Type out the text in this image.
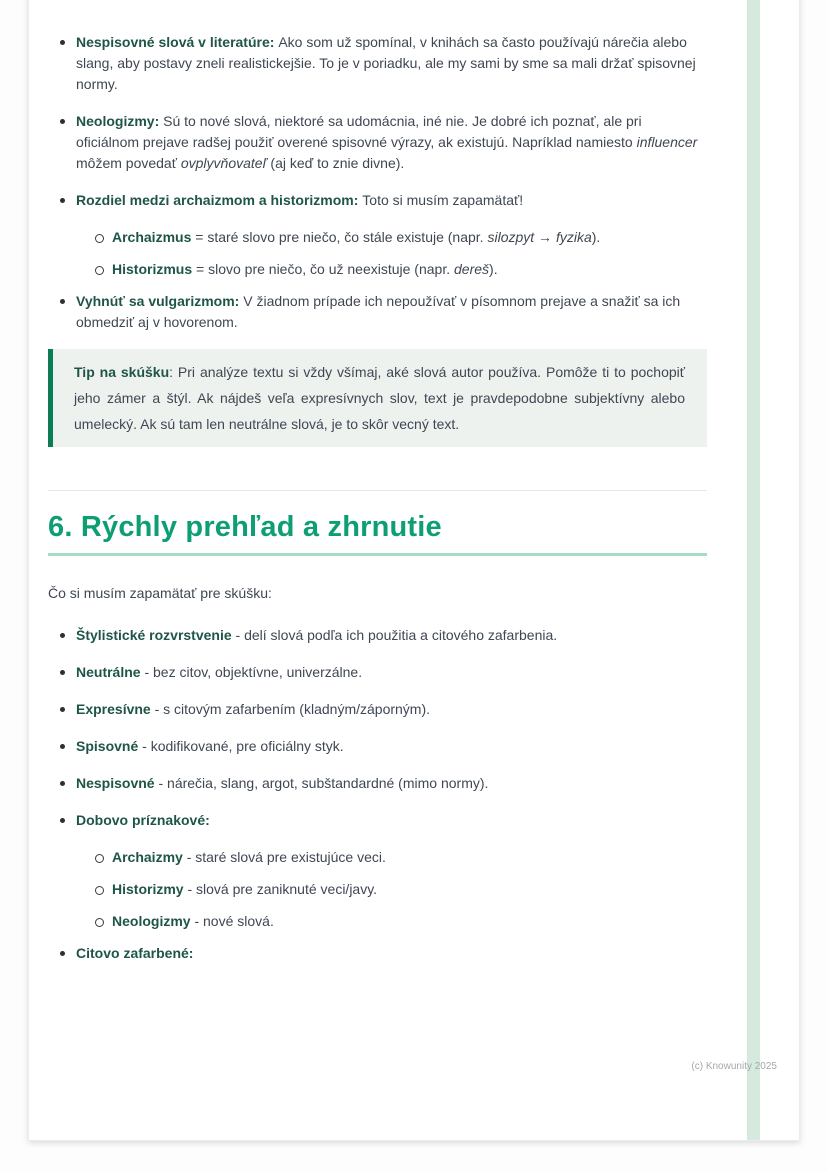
Nespisovné slová v literatúre: Ako som už spomínal, v knihách sa často používajú nárečia alebo slang, aby postavy zneli realistickejšie. To je v poriadku, ale my sami by sme sa mali držať spisovnej normy.
Neologizmy: Sú to nové slová, niektoré sa udomácnia, iné nie. Je dobré ich poznať, ale pri oficiálnom prejave radšej použiť overené spisovné výrazy, ak existujú. Napríklad namiesto influencer môžem povedať ovplyvňovateľ (aj keď to znie divne).
Rozdiel medzi archaizmom a historizmom: Toto si musím zapamätať!
Archaizmus = staré slovo pre niečo, čo stále existuje (napr. silozpyt → fyzika).
Historizmus = slovo pre niečo, čo už neexistuje (napr. dereš).
Vyhnúť sa vulgarizmom: V žiadnom prípade ich nepoužívať v písomnom prejave a snažiť sa ich obmedziť aj v hovorenom.
Tip na skúšku: Pri analýze textu si vždy všímaj, aké slová autor používa. Pomôže ti to pochopiť jeho zámer a štýl. Ak nájdeš veľa expresívnych slov, text je pravdepodobne subjektívny alebo umelecký. Ak sú tam len neutrálne slová, je to skôr vecný text.
6. Rýchly prehľad a zhrnutie

Čo si musím zapamätať pre skúšku:

Štylistické rozvrstvenie - delí slová podľa ich použitia a citového zafarbenia.
Neutrálne - bez citov, objektívne, univerzálne.
Expresívne - s citovým zafarbením (kladným/záporným).
Spisovné - kodifikované, pre oficiálny styk.
Nespisovné - nárečia, slang, argot, subštandardné (mimo normy).
Dobovo príznakové:
Archaizmy - staré slová pre existujúce veci.
Historizmy - slová pre zaniknuté veci/javy.
Neologizmy - nové slová.
Citovo zafarbené:
(c) Knowunity 2025
